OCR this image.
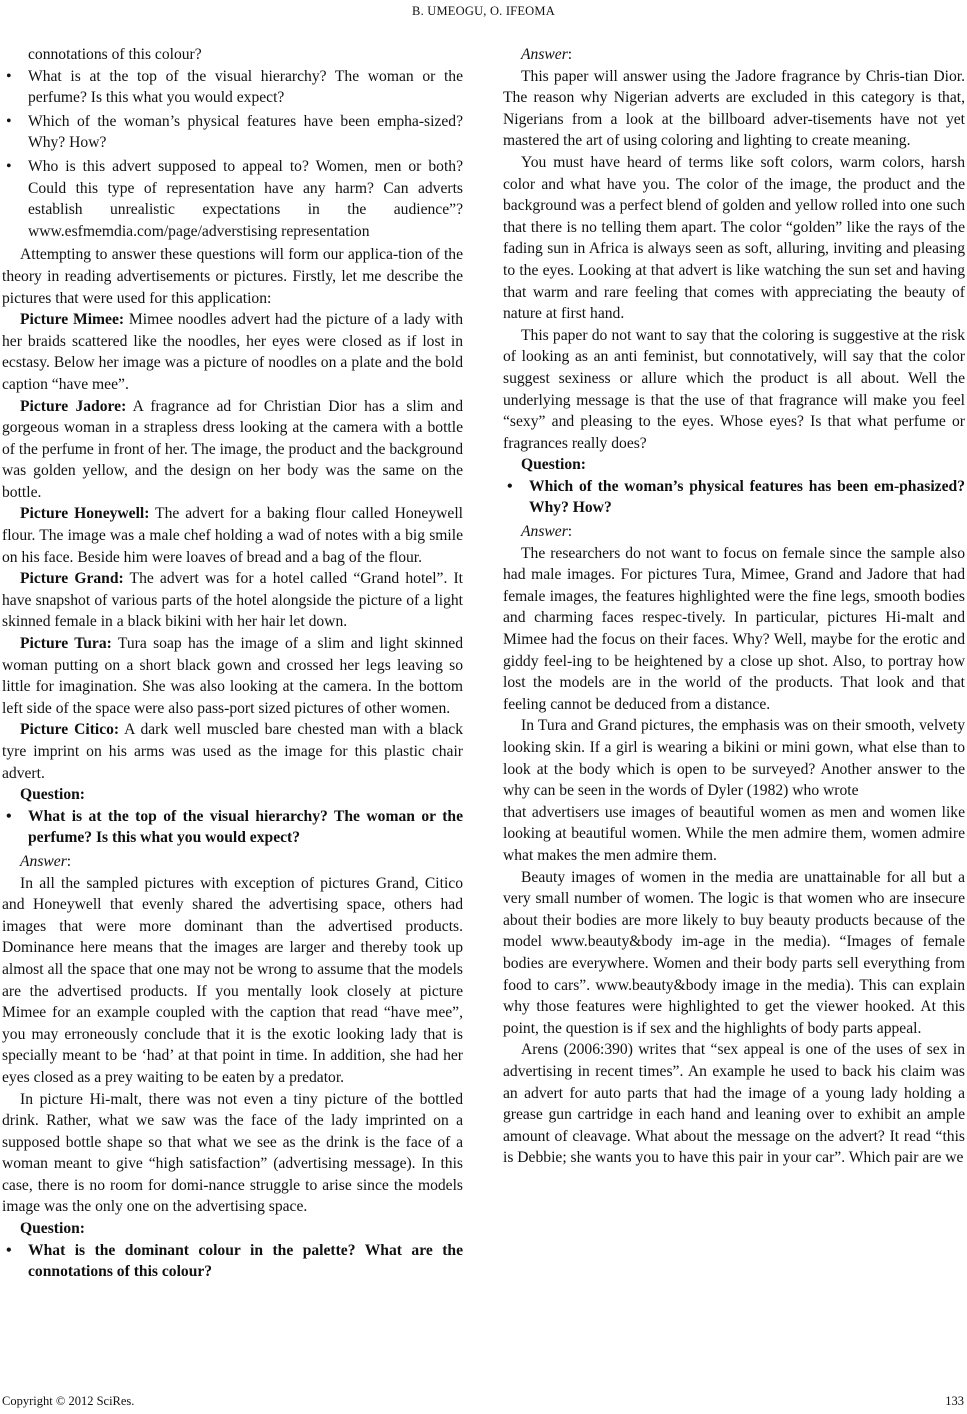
B. UMEOGU, O. IFEOMA
connotations of this colour?
• What is at the top of the visual hierarchy? The woman or the perfume? Is this what you would expect?
• Which of the woman’s physical features have been empha-sized? Why? How?
• Who is this advert supposed to appeal to? Women, men or both? Could this type of representation have any harm? Can adverts establish unrealistic expectations in the audience”? www.esfmemdia.com/page/adverstising representation

Attempting to answer these questions will form our applica-tion of the theory in reading advertisements or pictures. Firstly, let me describe the pictures that were used for this application:

Picture Mimee: Mimee noodles advert had the picture of a lady with her braids scattered like the noodles, her eyes were closed as if lost in ecstasy. Below her image was a picture of noodles on a plate and the bold caption “have mee”.

Picture Jadore: A fragrance ad for Christian Dior has a slim and gorgeous woman in a strapless dress looking at the camera with a bottle of the perfume in front of her. The image, the product and the background was golden yellow, and the design on her body was the same on the bottle.

Picture Honeywell: The advert for a baking flour called Honeywell flour. The image was a male chef holding a wad of notes with a big smile on his face. Beside him were loaves of bread and a bag of the flour.

Picture Grand: The advert was for a hotel called “Grand hotel”. It have snapshot of various parts of the hotel alongside the picture of a light skinned female in a black bikini with her hair let down.

Picture Tura: Tura soap has the image of a slim and light skinned woman putting on a short black gown and crossed her legs leaving so little for imagination. She was also looking at the camera. In the bottom left side of the space were also pass-port sized pictures of other women.

Picture Citico: A dark well muscled bare chested man with a black tyre imprint on his arms was used as the image for this plastic chair advert.

Question:
• What is at the top of the visual hierarchy? The woman or the perfume? Is this what you would expect?
Answer:

In all the sampled pictures with exception of pictures Grand, Citico and Honeywell that evenly shared the advertising space, others had images that were more dominant than the advertised products. Dominance here means that the images are larger and thereby took up almost all the space that one may not be wrong to assume that the models are the advertised products. If you mentally look closely at picture Mimee for an example coupled with the caption that read “have mee”, you may erroneously conclude that it is the exotic looking lady that is specially meant to be ‘had’ at that point in time. In addition, she had her eyes closed as a prey waiting to be eaten by a predator.

In picture Hi-malt, there was not even a tiny picture of the bottled drink. Rather, what we saw was the face of the lady imprinted on a supposed bottle shape so that what we see as the drink is the face of a woman meant to give “high satisfaction” (advertising message). In this case, there is no room for domi-nance struggle to arise since the models image was the only one on the advertising space.

Question:
• What is the dominant colour in the palette? What are the connotations of this colour?
Answer:

This paper will answer using the Jadore fragrance by Chris-tian Dior. The reason why Nigerian adverts are excluded in this category is that, Nigerians from a look at the billboard adver-tisements have not yet mastered the art of using coloring and lighting to create meaning.

You must have heard of terms like soft colors, warm colors, harsh color and what have you. The color of the image, the product and the background was a perfect blend of golden and yellow rolled into one such that there is no telling them apart. The color “golden” like the rays of the fading sun in Africa is always seen as soft, alluring, inviting and pleasing to the eyes. Looking at that advert is like watching the sun set and having that warm and rare feeling that comes with appreciating the beauty of nature at first hand.

This paper do not want to say that the coloring is suggestive at the risk of looking as an anti feminist, but connotatively, will say that the color suggest sexiness or allure which the product is all about. Well the underlying message is that the use of that fragrance will make you feel “sexy” and pleasing to the eyes. Whose eyes? Is that what perfume or fragrances really does?

Question:
• Which of the woman’s physical features has been em-phasized? Why? How?
Answer:

The researchers do not want to focus on female since the sample also had male images. For pictures Tura, Mimee, Grand and Jadore that had female images, the features highlighted were the fine legs, smooth bodies and charming faces respec-tively. In particular, pictures Hi-malt and Mimee had the focus on their faces. Why? Well, maybe for the erotic and giddy feel-ing to be heightened by a close up shot. Also, to portray how lost the models are in the world of the products. That look and that feeling cannot be deduced from a distance.

In Tura and Grand pictures, the emphasis was on their smooth, velvety looking skin. If a girl is wearing a bikini or mini gown, what else than to look at the body which is open to be surveyed? Another answer to the why can be seen in the words of Dyler (1982) who wrote

that advertisers use images of beautiful women as men and women like looking at beautiful women. While the men admire them, women admire what makes the men admire them.

Beauty images of women in the media are unattainable for all but a very small number of women. The logic is that women who are insecure about their bodies are more likely to buy beauty products because of the model www.beauty&body im-age in the media). “Images of female bodies are everywhere. Women and their body parts sell everything from food to cars”. www.beauty&body image in the media). This can explain why those features were highlighted to get the viewer hooked. At this point, the question is if sex and the highlights of body parts appeal.

Arens (2006:390) writes that “sex appeal is one of the uses of sex in advertising in recent times”. An example he used to back his claim was an advert for auto parts that had the image of a young lady holding a grease gun cartridge in each hand and leaning over to exhibit an ample amount of cleavage. What about the message on the advert? It read “this is Debbie; she wants you to have this pair in your car”. Which pair are we

Copyright © 2012 SciRes.	133
